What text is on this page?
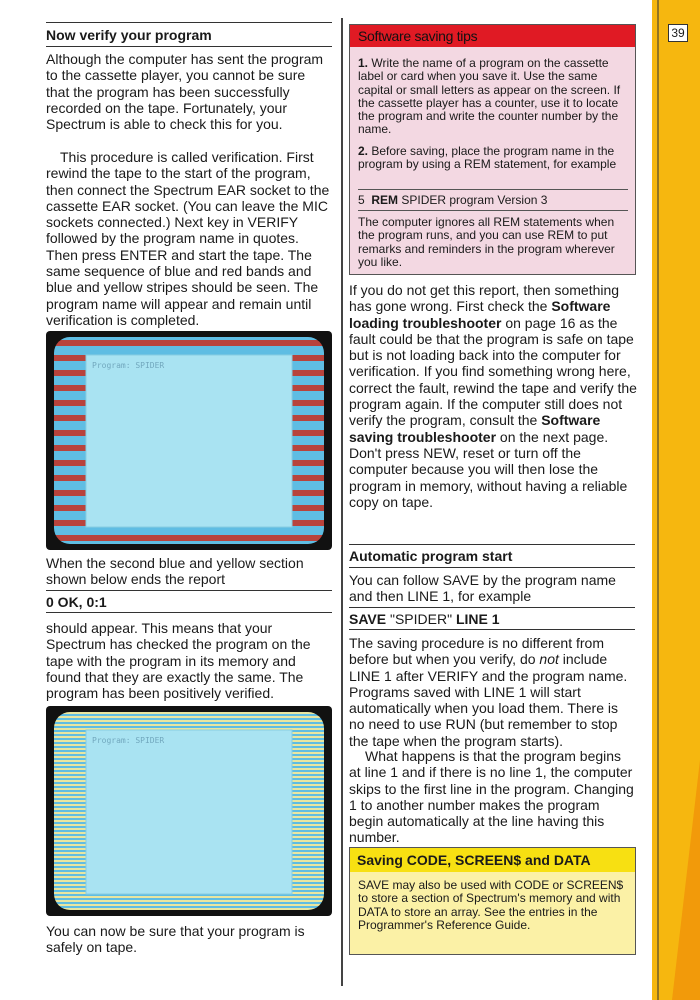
39
Now verify your program
Although the computer has sent the program to the cassette player, you cannot be sure that the program has been successfully recorded on the tape. Fortunately, your Spectrum is able to check this for you.
This procedure is called verification. First rewind the tape to the start of the program, then connect the Spectrum EAR socket to the cassette EAR socket. (You can leave the MIC sockets connected.) Next key in VERIFY followed by the program name in quotes. Then press ENTER and start the tape. The same sequence of blue and red bands and blue and yellow stripes should be seen. The program name will appear and remain until verification is completed.
Program: SPIDER
When the second blue and yellow section shown below ends the report
0 OK, 0:1
should appear. This means that your Spectrum has checked the program on the tape with the program in its memory and found that they are exactly the same. The program has been positively verified.
Program: SPIDER
You can now be sure that your program is safely on tape.
Software saving tips
1. Write the name of a program on the cassette label or card when you save it. Use the same capital or small letters as appear on the screen. If the cassette player has a counter, use it to locate the program and write the counter number by the name.
2. Before saving, place the program name in the program by using a REM statement, for example
5 REM SPIDER program Version 3
The computer ignores all REM statements when the program runs, and you can use REM to put remarks and reminders in the program wherever you like.
If you do not get this report, then something has gone wrong. First check the Software loading troubleshooter on page 16 as the fault could be that the program is safe on tape but is not loading back into the computer for verification. If you find something wrong here, correct the fault, rewind the tape and verify the program again. If the computer still does not verify the program, consult the Software saving troubleshooter on the next page. Don't press NEW, reset or turn off the computer because you will then lose the program in memory, without having a reliable copy on tape.
Automatic program start
You can follow SAVE by the program name and then LINE 1, for example
SAVE "SPIDER" LINE 1
The saving procedure is no different from before but when you verify, do not include LINE 1 after VERIFY and the program name. Programs saved with LINE 1 will start automatically when you load them. There is no need to use RUN (but remember to stop the tape when the program starts).
What happens is that the program begins at line 1 and if there is no line 1, the computer skips to the first line in the program. Changing 1 to another number makes the program begin automatically at the line having this number.
Saving CODE, SCREEN$ and DATA
SAVE may also be used with CODE or SCREEN$ to store a section of Spectrum's memory and with DATA to store an array. See the entries in the Programmer's Reference Guide.
